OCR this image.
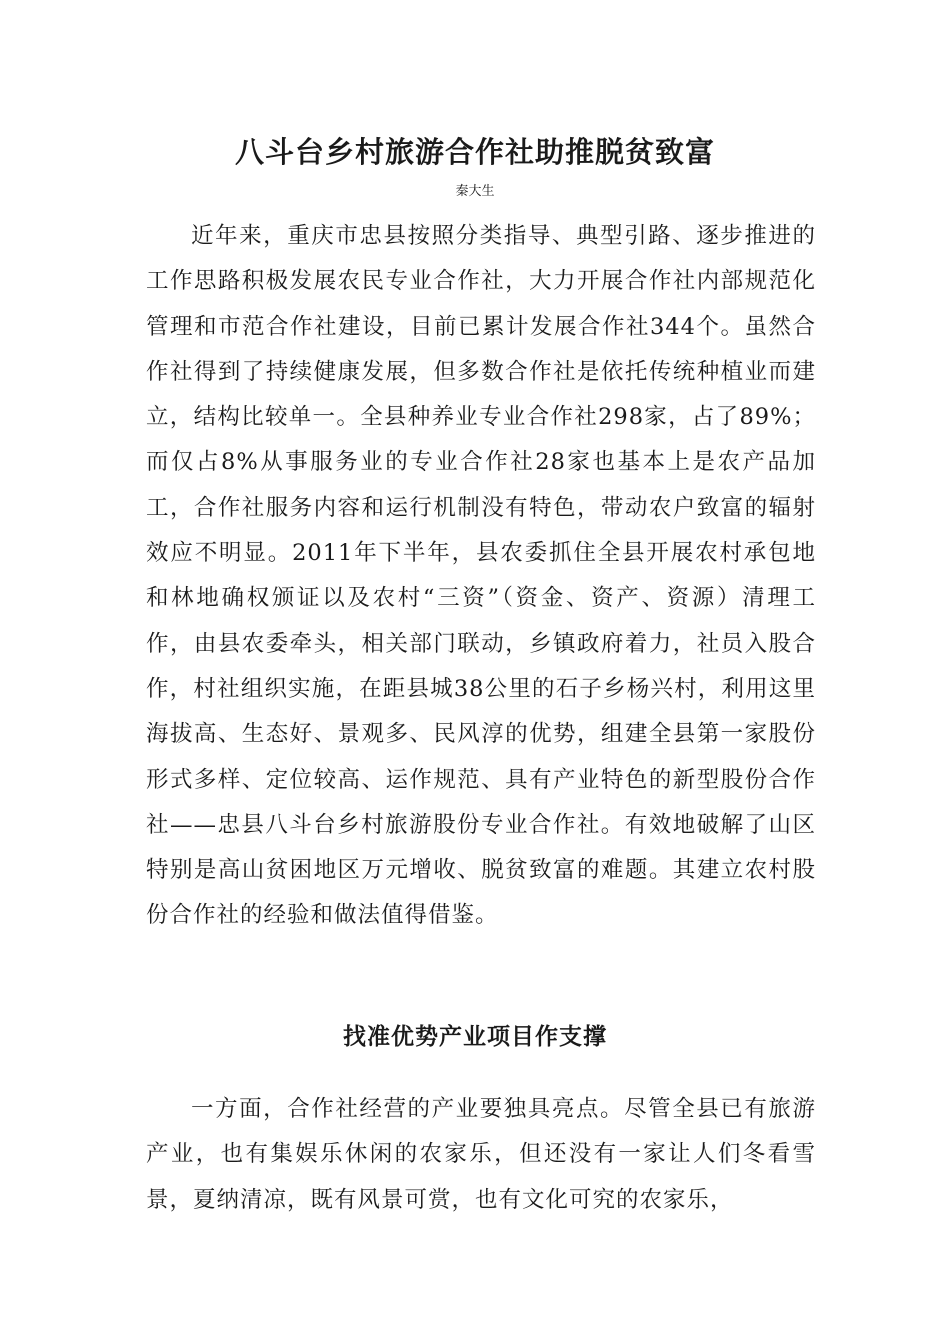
八斗台乡村旅游合作社助推脱贫致富

秦大生

近年来，重庆市忠县按照分类指导、典型引路、逐步推进的工作思路积极发展农民专业合作社，大力开展合作社内部规范化管理和市范合作社建设，目前已累计发展合作社344个。虽然合作社得到了持续健康发展，但多数合作社是依托传统种植业而建立，结构比较单一。全县种养业专业合作社298家，占了89%；而仅占8%从事服务业的专业合作社28家也基本上是农产品加工，合作社服务内容和运行机制没有特色，带动农户致富的辐射效应不明显。2011年下半年，县农委抓住全县开展农村承包地和林地确权颁证以及农村“三资”（资金、资产、资源）清理工作，由县农委牵头，相关部门联动，乡镇政府着力，社员入股合作，村社组织实施，在距县城38公里的石子乡杨兴村，利用这里海拔高、生态好、景观多、民风淳的优势，组建全县第一家股份形式多样、定位较高、运作规范、具有产业特色的新型股份合作社——忠县八斗台乡村旅游股份专业合作社。有效地破解了山区特别是高山贫困地区万元增收、脱贫致富的难题。其建立农村股份合作社的经验和做法值得借鉴。

找准优势产业项目作支撑

一方面，合作社经营的产业要独具亮点。尽管全县已有旅游产业，也有集娱乐休闲的农家乐，但还没有一家让人们冬看雪景，夏纳清凉，既有风景可赏，也有文化可究的农家乐，
